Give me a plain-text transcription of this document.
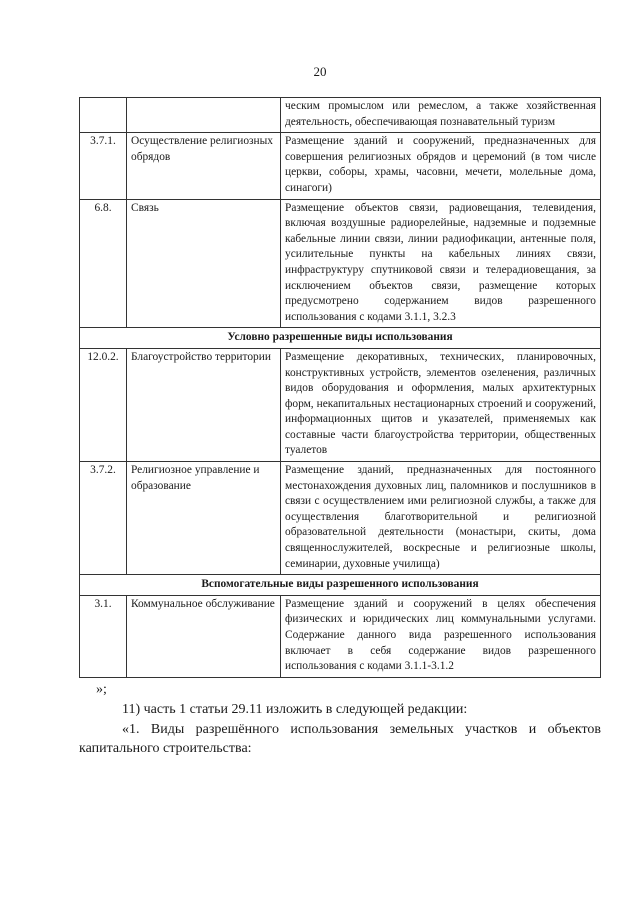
20
		ческим промыслом или ремеслом, а также хозяйственная деятельность, обеспечивающая познавательный туризм
3.7.1.	Осуществление религиозных обрядов	Размещение зданий и сооружений, предназначенных для совершения религиозных обрядов и церемоний (в том числе церкви, соборы, храмы, часовни, мечети, молельные дома, синагоги)
6.8.	Связь	Размещение объектов связи, радиовещания, телевидения, включая воздушные радиорелейные, надземные и подземные кабельные линии связи, линии радиофикации, антенные поля, усилительные пункты на кабельных линиях связи, инфраструктуру спутниковой связи и телерадиовещания, за исключением объектов связи, размещение которых предусмотрено содержанием видов разрешенного использования с кодами 3.1.1, 3.2.3
Условно разрешенные виды использования		
12.0.2.	Благоустройство территории	Размещение декоративных, технических, планировочных, конструктивных устройств, элементов озеленения, различных видов оборудования и оформления, малых архитектурных форм, некапитальных нестационарных строений и сооружений, информационных щитов и указателей, применяемых как составные части благоустройства территории, общественных туалетов
3.7.2.	Религиозное управление и образование	Размещение зданий, предназначенных для постоянного местонахождения духовных лиц, паломников и послушников в связи с осуществлением ими религиозной службы, а также для осуществления благотворительной и религиозной образовательной деятельности (монастыри, скиты, дома священнослужителей, воскресные и религиозные школы, семинарии, духовные училища)
Вспомогательные виды разрешенного использования		
3.1.	Коммунальное обслуживание	Размещение зданий и сооружений в целях обеспечения физических и юридических лиц коммунальными услугами. Содержание данного вида разрешенного использования включает в себя содержание видов разрешенного использования с кодами 3.1.1-3.1.2

»;

11) часть 1 статьи 29.11 изложить в следующей редакции:

«1. Виды разрешённого использования земельных участков и объектов капитального строительства:
